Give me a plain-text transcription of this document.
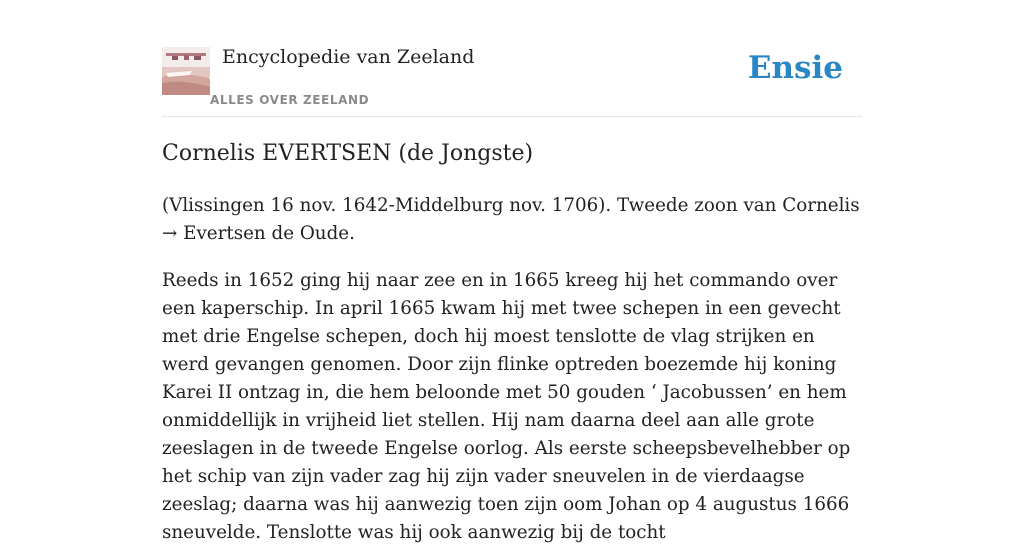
Encyclopedie van Zeeland
ALLES OVER ZEELAND
Ensie
Cornelis EVERTSEN (de Jongste)

(Vlissingen 16 nov. 1642-Middelburg nov. 1706). Tweede zoon van Cornelis → Evertsen de Oude.

Reeds in 1652 ging hij naar zee en in 1665 kreeg hij het commando over een kaperschip. In april 1665 kwam hij met twee schepen in een gevecht met drie Engelse schepen, doch hij moest tenslotte de vlag strijken en werd gevangen genomen. Door zijn flinke optreden boezemde hij koning Karei II ontzag in, die hem beloonde met 50 gouden ‘ Jacobussen’ en hem onmiddellijk in vrijheid liet stellen. Hij nam daarna deel aan alle grote zeeslagen in de tweede Engelse oorlog. Als eerste scheepsbevelhebber op het schip van zijn vader zag hij zijn vader sneuvelen in de vierdaagse zeeslag; daarna was hij aanwezig toen zijn oom Johan op 4 augustus 1666 sneuvelde. Tenslotte was hij ook aanwezig bij de tocht
